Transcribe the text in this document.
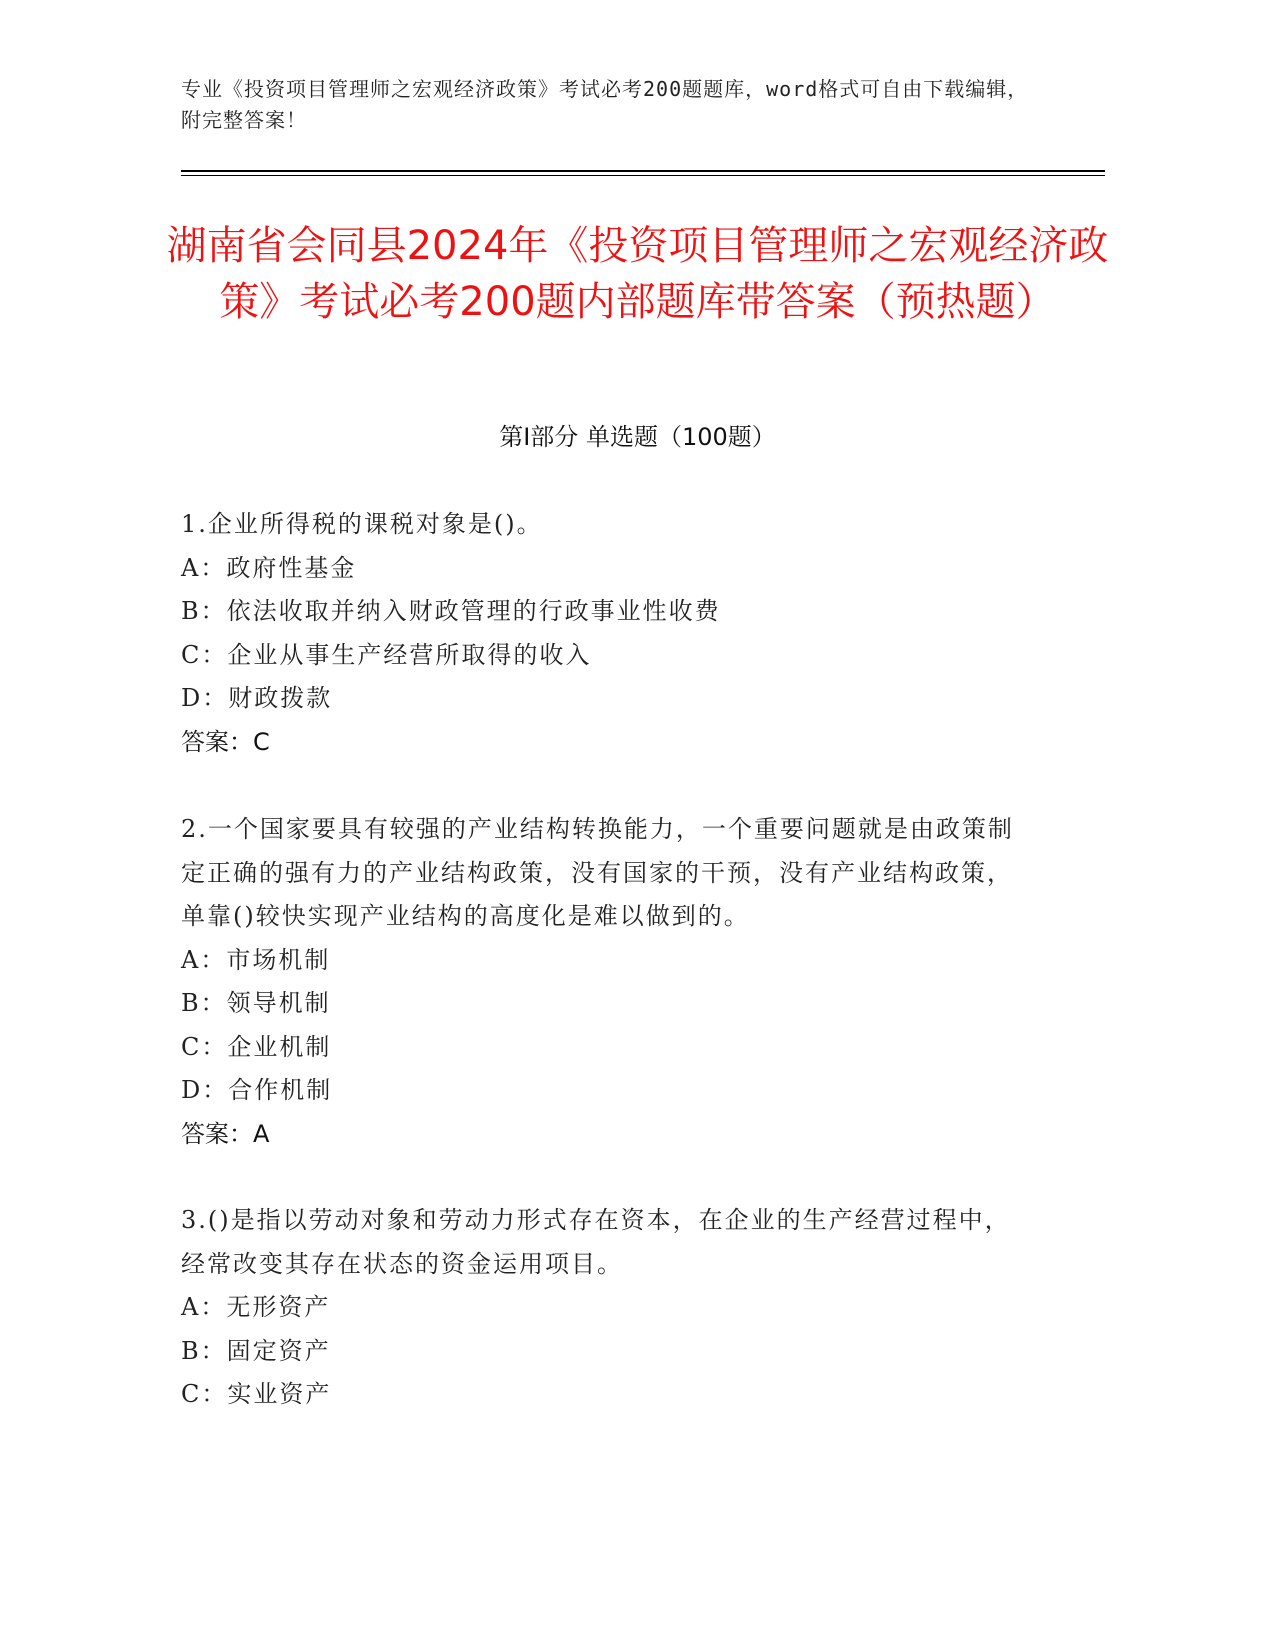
专业《投资项目管理师之宏观经济政策》考试必考200题题库，word格式可自由下载编辑，附完整答案！
湖南省会同县2024年《投资项目管理师之宏观经济政策》考试必考200题内部题库带答案（预热题）
第I部分 单选题（100题）
1.企业所得税的课税对象是()。
A：政府性基金
B：依法收取并纳入财政管理的行政事业性收费
C：企业从事生产经营所取得的收入
D：财政拨款
答案：C
2.一个国家要具有较强的产业结构转换能力，一个重要问题就是由政策制定正确的强有力的产业结构政策，没有国家的干预，没有产业结构政策，单靠()较快实现产业结构的高度化是难以做到的。
A：市场机制
B：领导机制
C：企业机制
D：合作机制
答案：A
3.()是指以劳动对象和劳动力形式存在资本，在企业的生产经营过程中，经常改变其存在状态的资金运用项目。
A：无形资产
B：固定资产
C：实业资产
